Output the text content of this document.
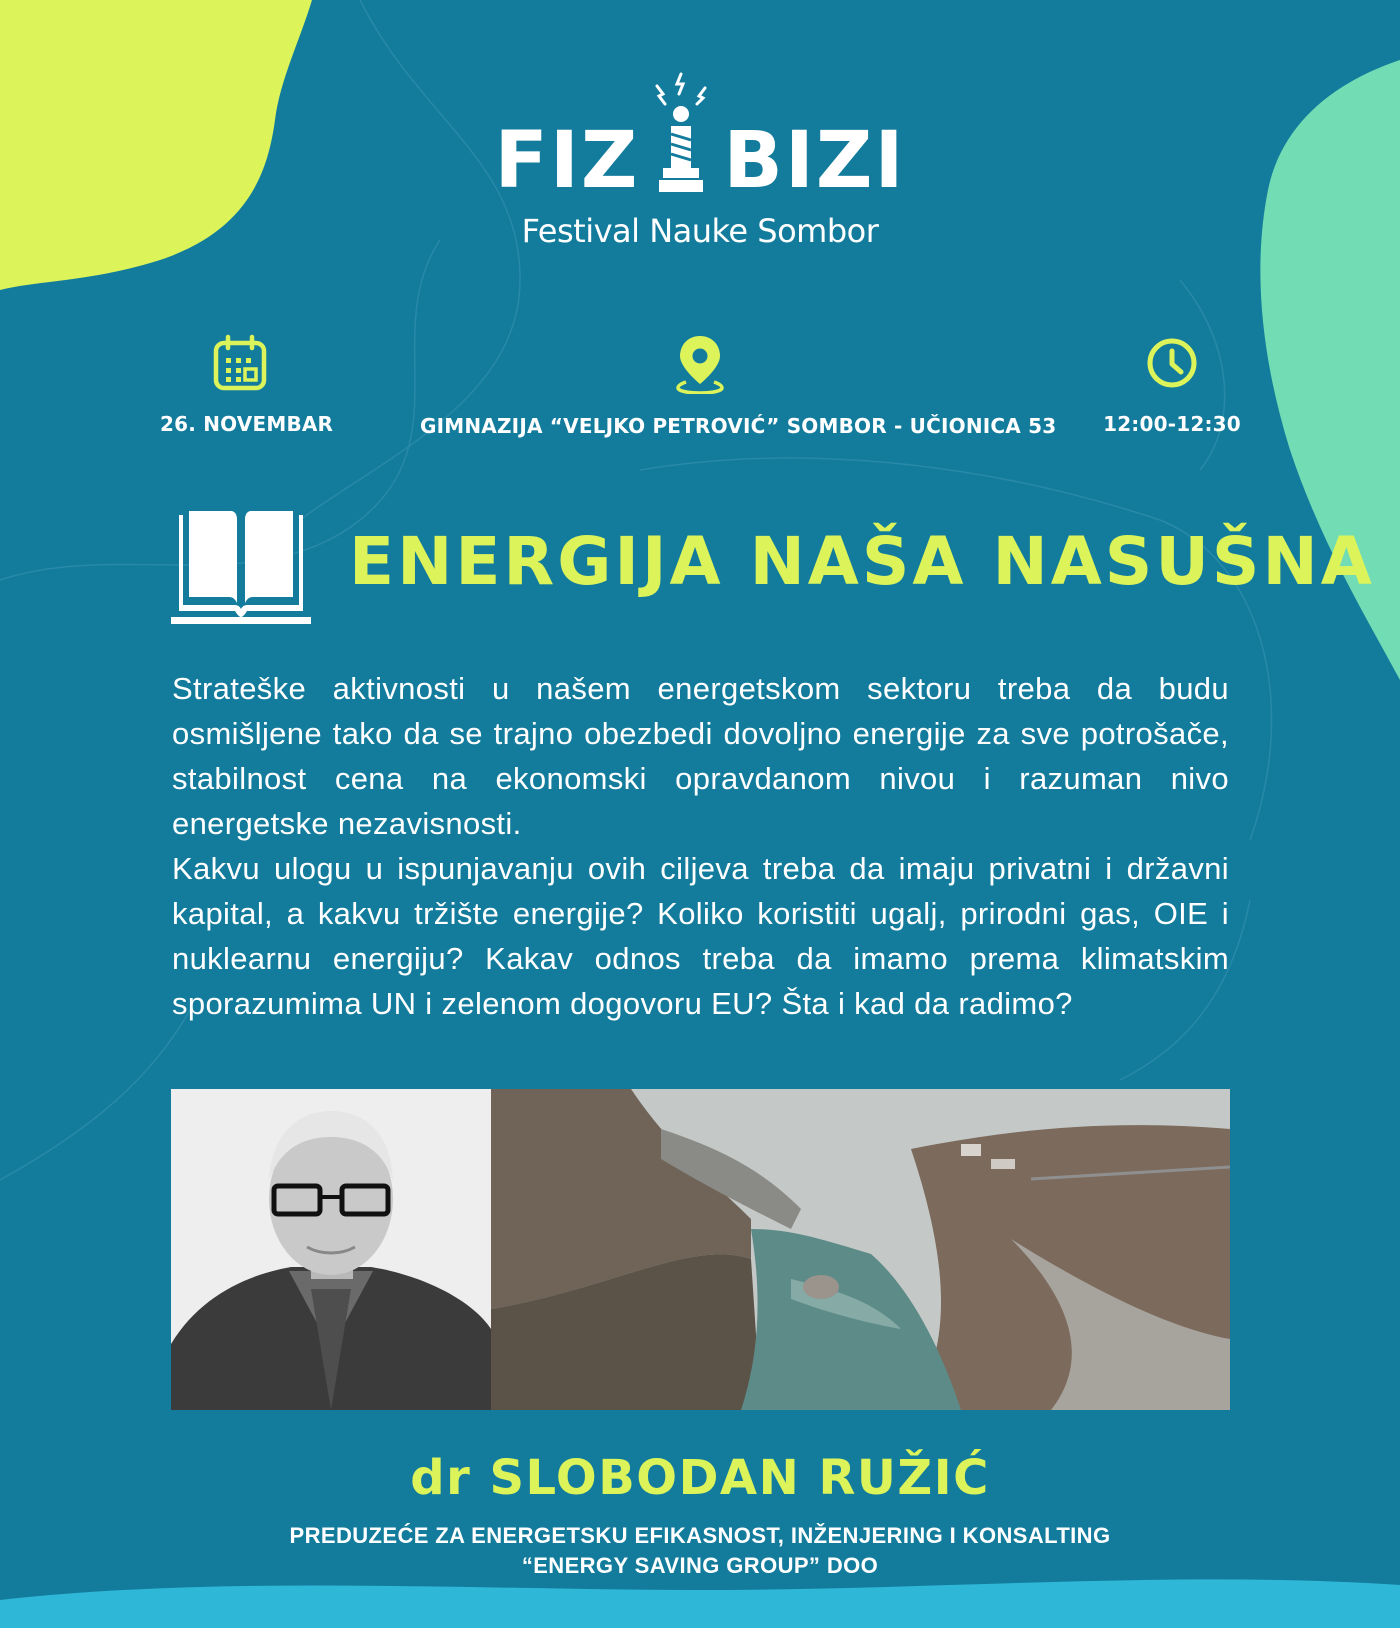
FIZ BIZI
Festival Nauke Sombor
26. NOVEMBAR	GIMNAZIJA “VELJKO PETROVIĆ” SOMBOR - UČIONICA 53	12:00-12:30
ENERGIJA NAŠA NASUŠNA

Strateške aktivnosti u našem energetskom sektoru treba da budu osmišljene tako da se trajno obezbedi dovoljno energije za sve potrošače, stabilnost cena na ekonomski opravdanom nivou i razuman nivo energetske nezavisnosti.

Kakvu ulogu u ispunjavanju ovih ciljeva treba da imaju privatni i državni kapital, a kakvu tržište energije? Koliko koristiti ugalj, prirodni gas, OIE i nuklearnu energiju? Kakav odnos treba da imamo prema klimatskim sporazumima UN i zelenom dogovoru EU? Šta i kad da radimo?

dr SLOBODAN RUŽIĆ
PREDUZEĆE ZA ENERGETSKU EFIKASNOST, INŽENJERING I KONSALTING
“ENERGY SAVING GROUP” DOO
